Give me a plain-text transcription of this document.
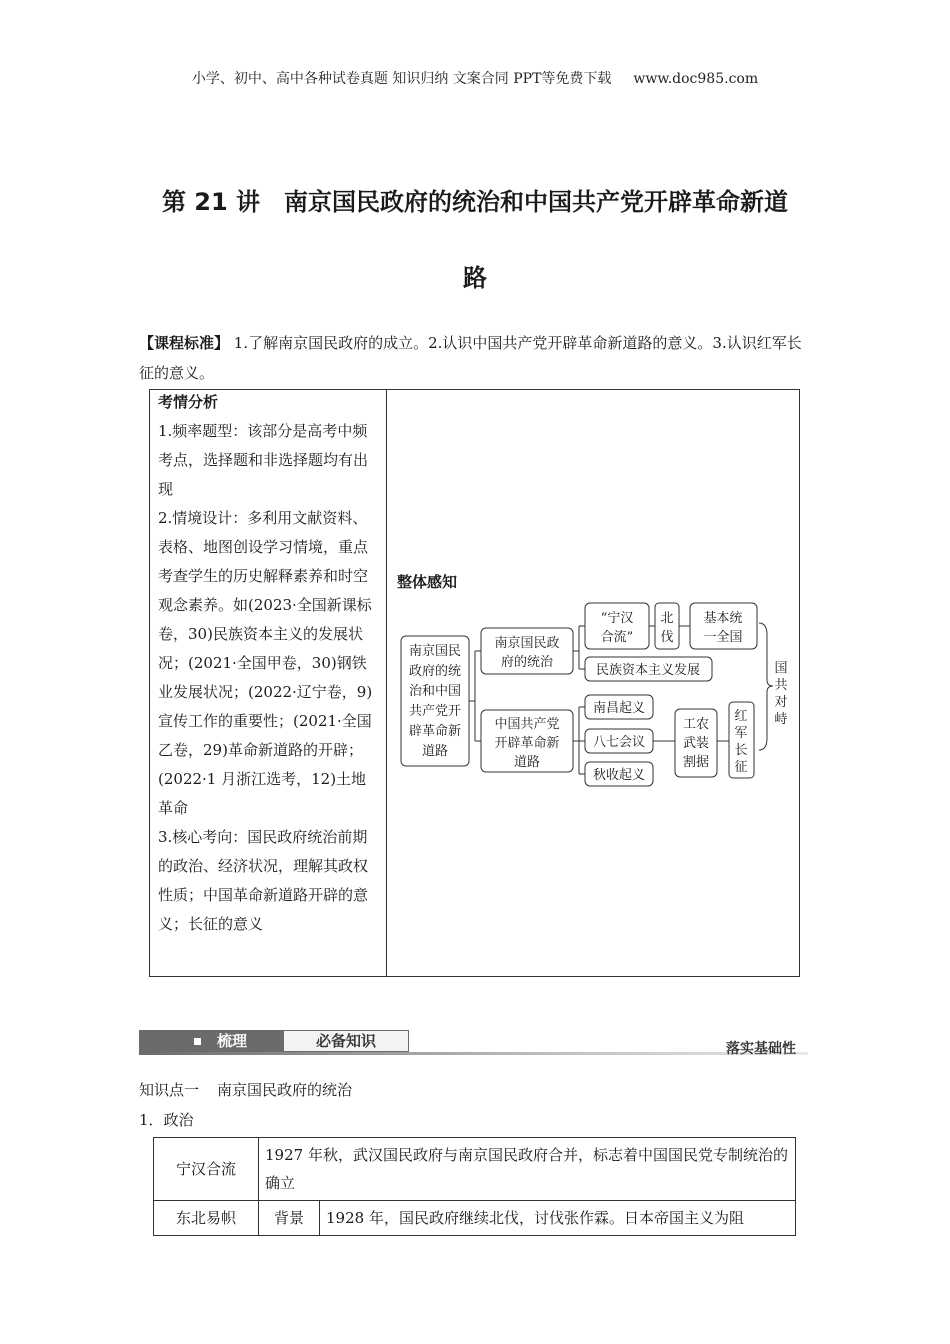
小学、初中、高中各种试卷真题 知识归纳 文案合同 PPT等免费下载 www.doc985.com
第 21 讲　南京国民政府的统治和中国共产党开辟革命新道
路
【课程标准】 1.了解南京国民政府的成立。2.认识中国共产党开辟革命新道路的意义。3.认识红军长征的意义。
考情分析
1.频率题型：该部分是高考中频考点，选择题和非选择题均有出现
2.情境设计：多利用文献资料、表格、地图创设学习情境，重点考查学生的历史解释素养和时空观念素养。如(2023·全国新课标卷，30)民族资本主义的发展状况；(2021·全国甲卷，30)钢铁业发展状况；(2022·辽宁卷，9)宣传工作的重要性；(2021·全国乙卷，29)革命新道路的开辟；(2022·1 月浙江选考，12)土地革命
3.核心考向：国民政府统治前期的政治、经济状况，理解其政权性质；中国革命新道路开辟的意义；长征的意义
整体感知
南京国民
政府的统
治和中国
共产党开
辟革命新
道路
南京国民政
府的统治
中国共产党
开辟革命新
道路
“宁汉
合流”
北
伐
基本统
一全国
民族资本主义发展
南昌起义
八七会议
秋收起义
工农
武装
割据
红
军
长
征
国
共
对
峙
梳理	必备知识	落实基础性
知识点一 南京国民政府的统治
1．政治
宁汉合流	1927 年秋，武汉国民政府与南京国民政府合并，标志着中国国民党专制统治的确立	
东北易帜	背景	1928 年，国民政府继续北伐，讨伐张作霖。日本帝国主义为阻
